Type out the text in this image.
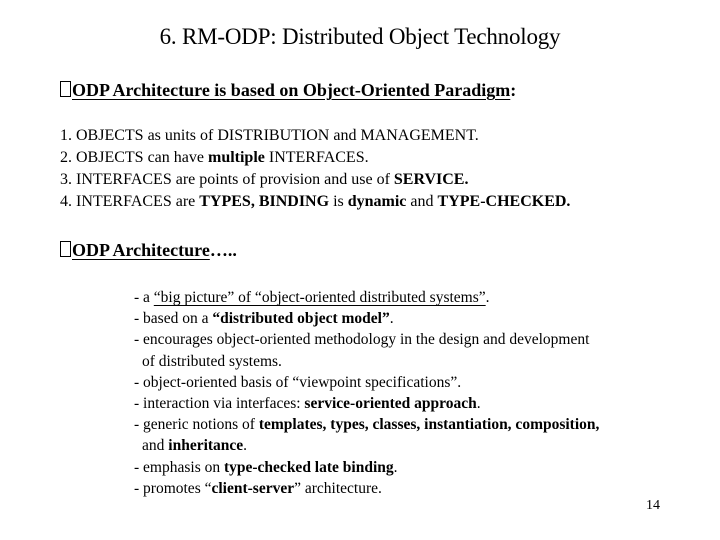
6. RM-ODP: Distributed Object Technology
ODP Architecture is based on Object-Oriented Paradigm:
1. OBJECTS as units of DISTRIBUTION and MANAGEMENT.
2. OBJECTS can have multiple INTERFACES.
3. INTERFACES are points of provision and use of SERVICE.
4. INTERFACES are TYPES, BINDING is dynamic and TYPE-CHECKED.
ODP Architecture…..
- a “big picture” of “object-oriented distributed systems”.
- based on a “distributed object model”.
- encourages object-oriented methodology in the design and development
of distributed systems.
- object-oriented basis of “viewpoint specifications”.
- interaction via interfaces: service-oriented approach.
- generic notions of templates, types, classes, instantiation, composition,
and inheritance.
- emphasis on type-checked late binding.
- promotes “client-server” architecture.
14
